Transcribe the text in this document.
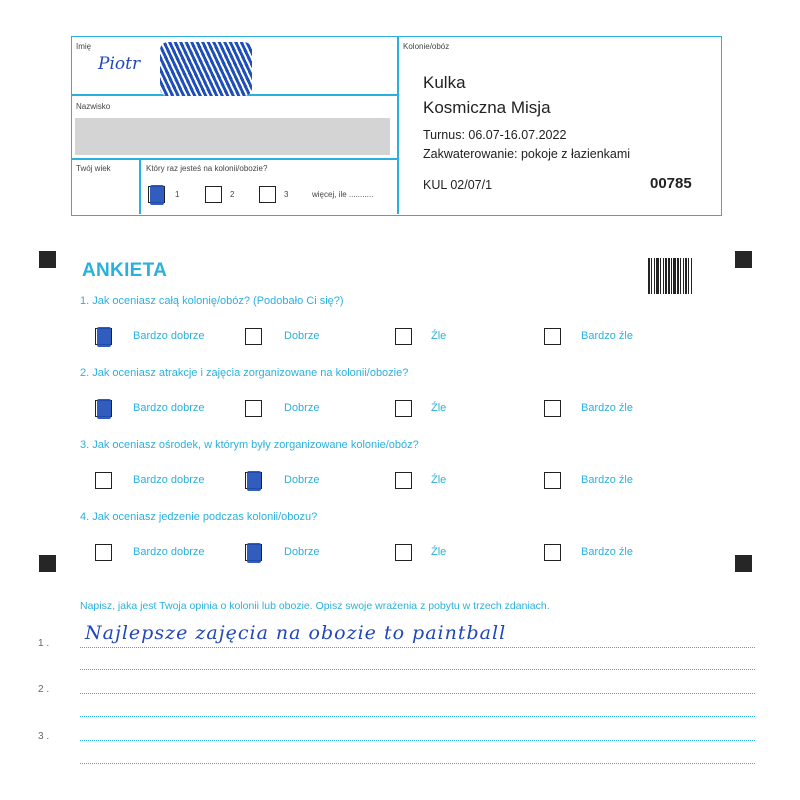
Imię
Piotr
Nazwisko
Twój wiek	Który raz jesteś na kolonii/obozie?
1	2	3	więcej, ile ...........
Kolonie/obóz
Kulka
Kosmiczna Misja
Turnus: 06.07-16.07.2022
Zakwaterowanie: pokoje z łazienkami
KUL 02/07/1	00785
ANKIETA
1. Jak oceniasz całą kolonię/obóz? (Podobało Ci się?)
Bardzo dobrze	Dobrze	Źle	Bardzo źle
2. Jak oceniasz atrakcje i zajęcia zorganizowane na kolonii/obozie?
Bardzo dobrze	Dobrze	Źle	Bardzo źle
3. Jak oceniasz ośrodek, w którym były zorganizowane kolonie/obóz?
Bardzo dobrze	Dobrze	Źle	Bardzo źle
4. Jak oceniasz jedzenie podczas kolonii/obozu?
Bardzo dobrze	Dobrze	Źle	Bardzo źle
Napisz, jaka jest Twoja opinia o kolonii lub obozie. Opisz swoje wrażenia z pobytu w trzech zdaniach.
Najlepsze zajęcia na obozie to paintball
1 .
2 .
3 .
